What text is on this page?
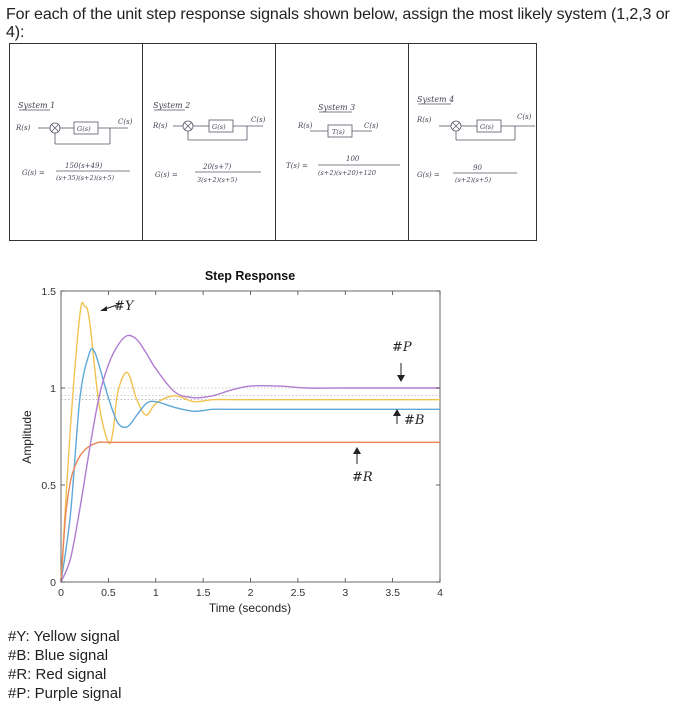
For each of the unit step response signals shown below, assign the most likely system (1,2,3 or 4):
System 1
R(s)	G(s)
C(s)
G(s) =
150(s+49)
(s+35)(s+2)(s+5)
System 2
R(s)	G(s)
C(s)
G(s) =
20(s+7)
3(s+2)(s+5)
System 3
R(s)
T(s)
C(s)
T(s) =
100
(s+2)(s+20)+120
System 4
R(s)
G(s)
C(s)
G(s) =
90
(s+2)(s+5)
Step Response
0	0.5	1	1.5	2	2.5	3	3.5	4
0
0.5
1
1.5
Time (seconds)
Amplitude
#Y
#P
#B
#R
#Y: Yellow signal
#B: Blue signal
#R: Red signal
#P: Purple signal
